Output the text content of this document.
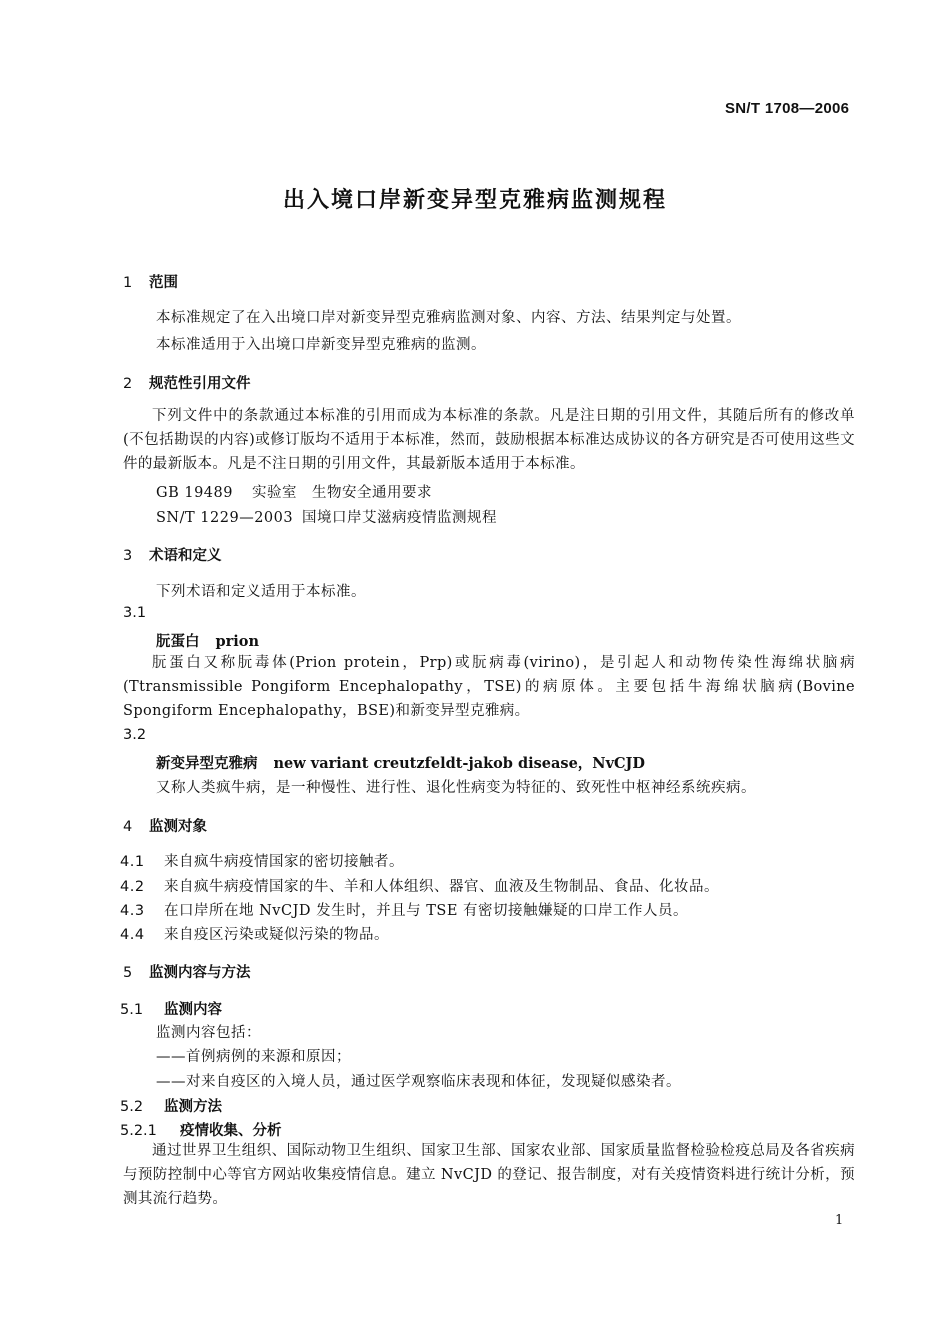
SN/T 1708—2006
出入境口岸新变异型克雅病监测规程
1 范围
本标准规定了在入出境口岸对新变异型克雅病监测对象、内容、方法、结果判定与处置。
本标准适用于入出境口岸新变异型克雅病的监测。
2 规范性引用文件
下列文件中的条款通过本标准的引用而成为本标准的条款。凡是注日期的引用文件，其随后所有的修改单(不包括勘误的内容)或修订版均不适用于本标准，然而，鼓励根据本标准达成协议的各方研究是否可使用这些文件的最新版本。凡是不注日期的引用文件，其最新版本适用于本标准。
GB 19489 实验室　生物安全通用要求
SN/T 1229—2003 国境口岸艾滋病疫情监测规程
3 术语和定义
下列术语和定义适用于本标准。
3.1
朊蛋白 prion
朊蛋白又称朊毒体(Prion protein，Prp)或朊病毒(virino)，是引起人和动物传染性海绵状脑病(Ttransmissible Pongiform Encephalopathy，TSE)的病原体。主要包括牛海绵状脑病(Bovine Spongiform Encephalopathy，BSE)和新变异型克雅病。
3.2
新变异型克雅病 new variant creutzfeldt-jakob disease，NvCJD
又称人类疯牛病，是一种慢性、进行性、退化性病变为特征的、致死性中枢神经系统疾病。
4 监测对象
4.1 来自疯牛病疫情国家的密切接触者。
4.2 来自疯牛病疫情国家的牛、羊和人体组织、器官、血液及生物制品、食品、化妆品。
4.3 在口岸所在地 NvCJD 发生时，并且与 TSE 有密切接触嫌疑的口岸工作人员。
4.4 来自疫区污染或疑似污染的物品。
5 监测内容与方法
5.1 监测内容
监测内容包括：
——首例病例的来源和原因；
——对来自疫区的入境人员，通过医学观察临床表现和体征，发现疑似感染者。
5.2 监测方法
5.2.1 疫情收集、分析
通过世界卫生组织、国际动物卫生组织、国家卫生部、国家农业部、国家质量监督检验检疫总局及各省疾病与预防控制中心等官方网站收集疫情信息。建立 NvCJD 的登记、报告制度，对有关疫情资料进行统计分析，预测其流行趋势。
1
